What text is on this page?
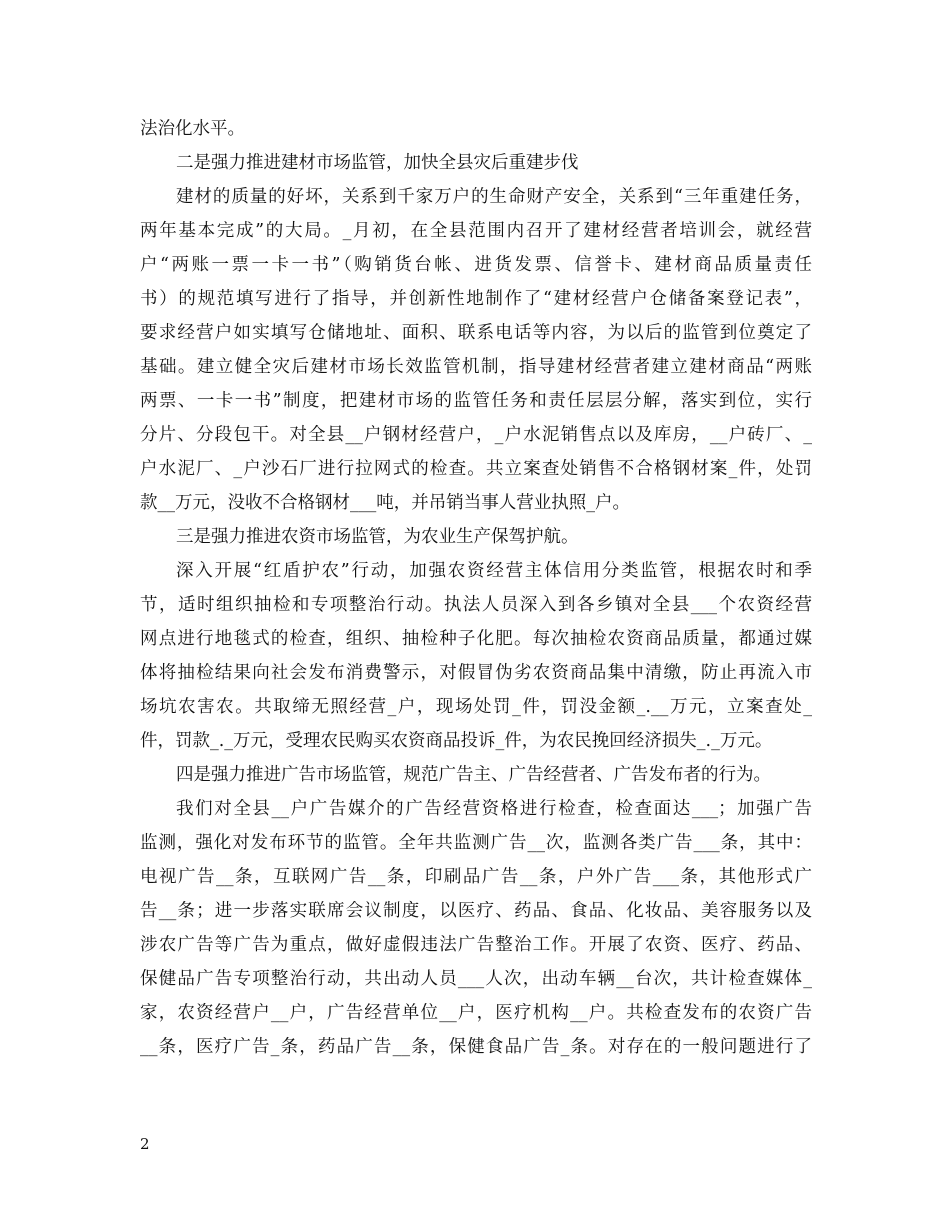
法治化水平。
二是强力推进建材市场监管，加快全县灾后重建步伐
建材的质量的好坏，关系到千家万户的生命财产安全，关系到“三年重建任务，
两年基本完成”的大局。_月初，在全县范围内召开了建材经营者培训会，就经营
户“两账一票一卡一书”（购销货台帐、进货发票、信誉卡、建材商品质量责任
书）的规范填写进行了指导，并创新性地制作了“建材经营户仓储备案登记表”，
要求经营户如实填写仓储地址、面积、联系电话等内容，为以后的监管到位奠定了
基础。建立健全灾后建材市场长效监管机制，指导建材经营者建立建材商品“两账
两票、一卡一书”制度，把建材市场的监管任务和责任层层分解，落实到位，实行
分片、分段包干。对全县__户钢材经营户，_户水泥销售点以及库房，__户砖厂、_
户水泥厂、_户沙石厂进行拉网式的检查。共立案查处销售不合格钢材案_件，处罚
款__万元，没收不合格钢材___吨，并吊销当事人营业执照_户。
三是强力推进农资市场监管，为农业生产保驾护航。
深入开展“红盾护农”行动，加强农资经营主体信用分类监管，根据农时和季
节，适时组织抽检和专项整治行动。执法人员深入到各乡镇对全县___个农资经营
网点进行地毯式的检查，组织、抽检种子化肥。每次抽检农资商品质量，都通过媒
体将抽检结果向社会发布消费警示，对假冒伪劣农资商品集中清缴，防止再流入市
场坑农害农。共取缔无照经营_户，现场处罚_件，罚没金额_.__万元，立案查处_
件，罚款_._万元，受理农民购买农资商品投诉_件，为农民挽回经济损失_._万元。
四是强力推进广告市场监管，规范广告主、广告经营者、广告发布者的行为。
我们对全县__户广告媒介的广告经营资格进行检查，检查面达___；加强广告
监测，强化对发布环节的监管。全年共监测广告__次，监测各类广告___条，其中：
电视广告__条，互联网广告__条，印刷品广告__条，户外广告___条，其他形式广
告__条；进一步落实联席会议制度，以医疗、药品、食品、化妆品、美容服务以及
涉农广告等广告为重点，做好虚假违法广告整治工作。开展了农资、医疗、药品、
保健品广告专项整治行动，共出动人员___人次，出动车辆__台次，共计检查媒体_
家，农资经营户__户，广告经营单位__户，医疗机构__户。共检查发布的农资广告
__条，医疗广告_条，药品广告__条，保健食品广告_条。对存在的一般问题进行了
2
